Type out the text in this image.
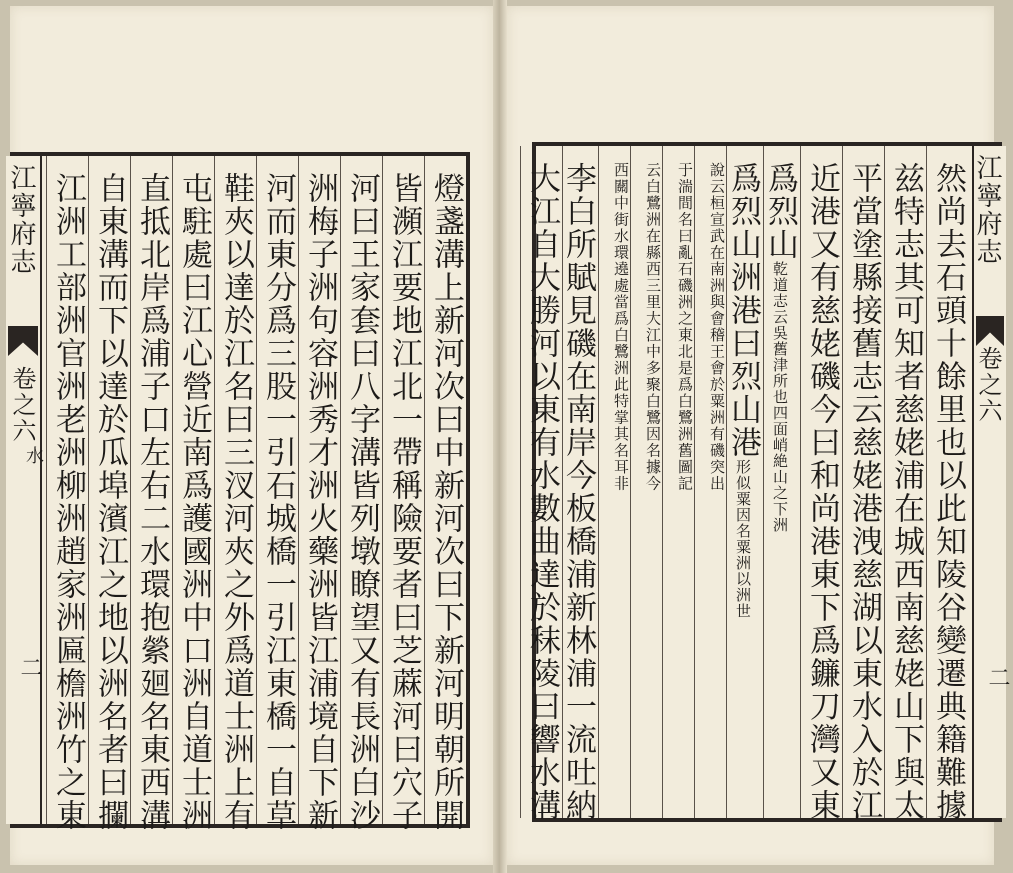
江寧府志
卷之六
水
二	燈盞溝上新河次曰中新河次曰下新河明朝所開
皆瀕江要地江北一帶稱險要者曰芝蔴河曰穴子
河曰王家套曰八字溝皆列墩瞭望又有長洲白沙
洲梅子洲句容洲秀才洲火藥洲皆江浦境自下新
河而東分爲三股一引石城橋一引江東橋一自草
鞋夾以達於江名曰三汊河夾之外爲道士洲上有
屯駐處曰江心營近南爲護國洲中口洲自道士洲
直抵北岸爲浦子口左右二水環抱縈廻名東西溝
自東溝而下以達於瓜埠濱江之地以洲名者曰攔
江洲工部洲官洲老洲柳洲趙家洲匾檐洲竹之東	江寧府志
卷之六
二
然尚去石頭十餘里也以此知陵谷變遷典籍難據
兹特志其可知者慈姥浦在城西南慈姥山下與太
平當塗縣接舊志云慈姥港洩慈湖以東水入於江
近港又有慈姥磯今曰和尚港東下爲鐮刀灣又東
爲烈山乾道志云吳舊津所也四面峭絶山之下洲
爲烈山洲港曰烈山港形似粟因名粟洲以洲世
說云桓宣武在南洲與會稽王會於粟洲有磯突出
于湍間名曰亂石磯洲之東北是爲白鷺洲舊圖記
云白鷺洲在縣西三里大江中多聚白鷺因名據今
西關中街水環遶處當爲白鷺洲此特掌其名耳非
李白所賦見磯在南岸今板橋浦新林浦一流吐納
大江自大勝河以東有水數曲達於秣陵曰響水溝
